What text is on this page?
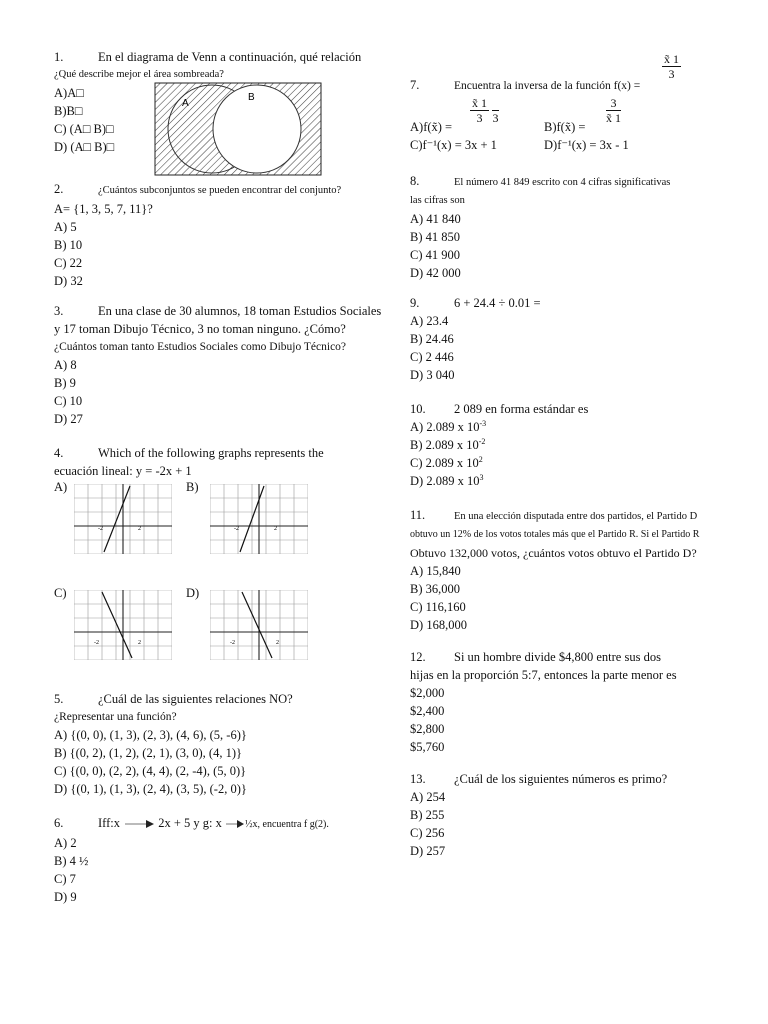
1.	En el diagrama de Venn a continuación, qué relación
¿Qué describe mejor el área sombreada?
A)A□
B)B□
C) (A□ B)□
D) (A□ B)□
A
B
2.	¿Cuántos subconjuntos se pueden encontrar del conjunto?
A= {1, 3, 5, 7, 11}?
A) 5
B) 10
C) 22
D) 32
3.	En una clase de 30 alumnos, 18 toman Estudios Sociales
y 17 toman Dibujo Técnico, 3 no toman ninguno. ¿Cómo?
¿Cuántos toman tanto Estudios Sociales como Dibujo Técnico?
A) 8
B) 9
C) 10
D) 27
4.	Which of the following graphs represents the
ecuación lineal: y = -2x + 1
A)	B)
C)	D)
-2	2	-2	2
-2	2	-2	2
5.	¿Cuál de las siguientes relaciones NO?
¿Representar una función?
A) {(0, 0), (1, 3), (2, 3), (4, 6), (5, -6)}
B) {(0, 2), (1, 2), (2, 1), (3, 0), (4, 1)}
C) {(0, 0), (2, 2), (4, 4), (2, -4), (5, 0)}
D) {(0, 1), (1, 3), (2, 4), (3, 5), (-2, 0)}
6.	Iff:x	2x + 5 y g: x ½x, encuentra f g(2).
A) 2
B) 4 ½
C) 7
D) 9
$\frac{x̃ 1}{3}$
7.	Encuentra la inversa de la función f(x) =
$\frac{x̃ 1}{3}$
3	$\frac{3}{x̃ 1}$
A)f(x̃) =	B)f(x̃) =
C)f⁻¹(x) = 3x + 1	D)f⁻¹(x) = 3x - 1
8.	El número 41 849 escrito con 4 cifras significativas
las cifras son
A) 41 840
B) 41 850
C) 41 900
D) 42 000
9.	6 + 24.4 ÷ 0.01 =
A) 23.4
B) 24.46
C) 2 446
D) 3 040
10. 2 089 en forma estándar es
A) 2.089 x $10^{-3}$
B) 2.089 x $10^{-2}$
C) 2.089 x $10^2$
D) 2.089 x $10^3$
11.	En una elección disputada entre dos partidos, el Partido D
obtuvo un 12% de los votos totales más que el Partido R. Si el Partido R
Obtuvo 132,000 votos, ¿cuántos votos obtuvo el Partido D?
A) 15,840
B) 36,000
C) 116,160
D) 168,000
12. Si un hombre divide $4,800 entre sus dos
hijas en la proporción 5:7, entonces la parte menor es
$2,000
$2,400
$2,800
$5,760
13. ¿Cuál de los siguientes números es primo?
A) 254
B) 255
C) 256
D) 257
